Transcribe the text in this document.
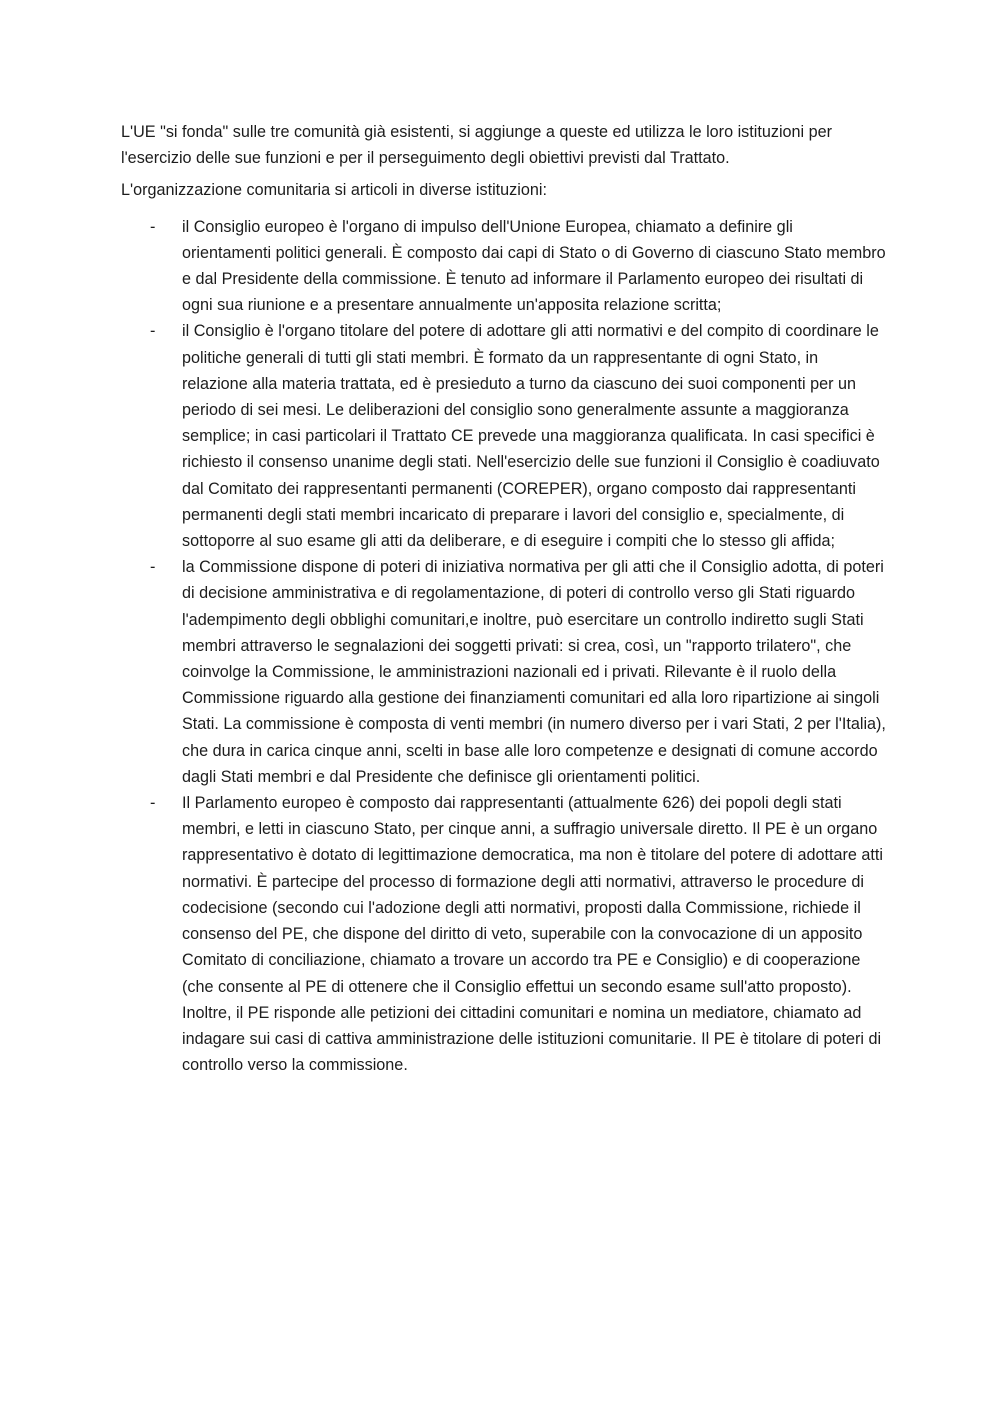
L'UE "si fonda" sulle tre comunità già esistenti, si aggiunge a queste ed utilizza le loro istituzioni per l'esercizio delle sue funzioni e per il perseguimento degli obiettivi previsti dal Trattato.

L'organizzazione comunitaria si articoli in diverse istituzioni:

- il Consiglio europeo è l'organo di impulso dell'Unione Europea, chiamato a definire gli orientamenti politici generali. È composto dai capi di Stato o di Governo di ciascuno Stato membro e dal Presidente della commissione. È tenuto ad informare il Parlamento europeo dei risultati di ogni sua riunione e a presentare annualmente un'apposita relazione scritta;
- il Consiglio è l'organo titolare del potere di adottare gli atti normativi e del compito di coordinare le politiche generali di tutti gli stati membri. È formato da un rappresentante di ogni Stato, in relazione alla materia trattata, ed è presieduto a turno da ciascuno dei suoi componenti per un periodo di sei mesi. Le deliberazioni del consiglio sono generalmente assunte a maggioranza semplice; in casi particolari il Trattato CE prevede una maggioranza qualificata. In casi specifici è richiesto il consenso unanime degli stati. Nell'esercizio delle sue funzioni il Consiglio è coadiuvato dal Comitato dei rappresentanti permanenti (COREPER), organo composto dai rappresentanti permanenti degli stati membri incaricato di preparare i lavori del consiglio e, specialmente, di sottoporre al suo esame gli atti da deliberare, e di eseguire i compiti che lo stesso gli affida;
- la Commissione dispone di poteri di iniziativa normativa per gli atti che il Consiglio adotta, di poteri di decisione amministrativa e di regolamentazione, di poteri di controllo verso gli Stati riguardo l'adempimento degli obblighi comunitari,e inoltre, può esercitare un controllo indiretto sugli Stati membri attraverso le segnalazioni dei soggetti privati: si crea, così, un "rapporto trilatero", che coinvolge la Commissione, le amministrazioni nazionali ed i privati. Rilevante è il ruolo della Commissione riguardo alla gestione dei finanziamenti comunitari ed alla loro ripartizione ai singoli Stati. La commissione è composta di venti membri (in numero diverso per i vari Stati, 2 per l'Italia), che dura in carica cinque anni, scelti in base alle loro competenze e designati di comune accordo dagli Stati membri e dal Presidente che definisce gli orientamenti politici.
- Il Parlamento europeo è composto dai rappresentanti (attualmente 626) dei popoli degli stati membri, e letti in ciascuno Stato, per cinque anni, a suffragio universale diretto. Il PE è un organo rappresentativo è dotato di legittimazione democratica, ma non è titolare del potere di adottare atti normativi. È partecipe del processo di formazione degli atti normativi, attraverso le procedure di codecisione (secondo cui l'adozione degli atti normativi, proposti dalla Commissione, richiede il consenso del PE, che dispone del diritto di veto, superabile con la convocazione di un apposito Comitato di conciliazione, chiamato a trovare un accordo tra PE e Consiglio) e di cooperazione (che consente al PE di ottenere che il Consiglio effettui un secondo esame sull'atto proposto). Inoltre, il PE risponde alle petizioni dei cittadini comunitari e nomina un mediatore, chiamato ad indagare sui casi di cattiva amministrazione delle istituzioni comunitarie. Il PE è titolare di poteri di controllo verso la commissione.
